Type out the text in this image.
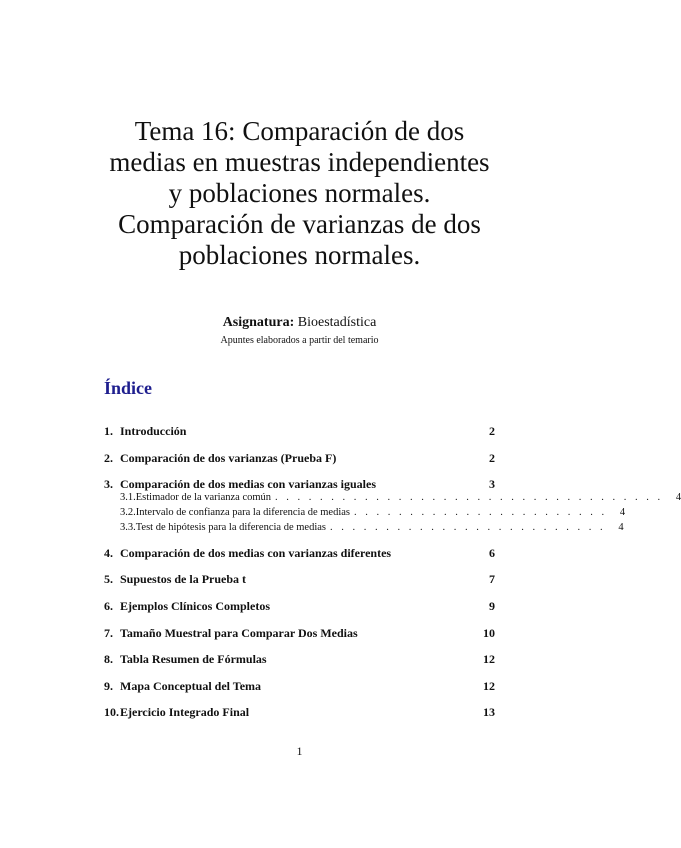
Tema 16: Comparación de dos medias en muestras independientes y poblaciones normales. Comparación de varianzas de dos poblaciones normales.
Asignatura: Bioestadística
Apuntes elaborados a partir del temario
Índice
1. Introducción	2
2. Comparación de dos varianzas (Prueba F)	2
3. Comparación de dos medias con varianzas iguales	3
3.1. Estimador de la varianza común . . . . . . . . . . . . . . . . . . . . . . . . . . . . . . . . . . .	4
3.2. Intervalo de confianza para la diferencia de medias . . . . . . . . . . . . . . . . . . . . . . .	4
3.3. Test de hipótesis para la diferencia de medias . . . . . . . . . . . . . . . . . . . . . . . . .	4
4. Comparación de dos medias con varianzas diferentes	6
5. Supuestos de la Prueba t	7
6. Ejemplos Clínicos Completos	9
7. Tamaño Muestral para Comparar Dos Medias	10
8. Tabla Resumen de Fórmulas	12
9. Mapa Conceptual del Tema	12
10. Ejercicio Integrado Final	13
1
